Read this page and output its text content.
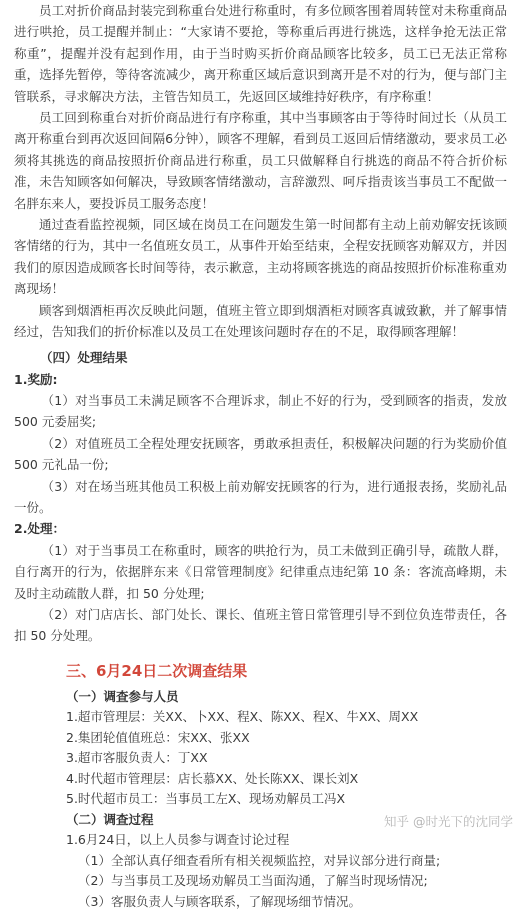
员工对折价商品封装完到称重台处进行称重时，有多位顾客围着周转筐对未称重商品进行哄抢，员工提醒并制止：“大家请不要抢，等称重后再进行挑选，这样争抢无法正常称重”，提醒并没有起到作用，由于当时购买折价商品顾客比较多，员工已无法正常称重，选择先暂停，等待客流减少，离开称重区域后意识到离开是不对的行为，便与部门主管联系，寻求解决方法，主管告知员工，先返回区域维持好秩序，有序称重！

员工回到称重台对折价商品进行有序称重，其中当事顾客由于等待时间过长（从员工离开称重台到再次返回间隔6分钟），顾客不理解，看到员工返回后情绪激动，要求员工必须将其挑选的商品按照折价商品进行称重，员工只做解释自行挑选的商品不符合折价标准，未告知顾客如何解决，导致顾客情绪激动，言辞激烈、呵斥指责该当事员工不配做一名胖东来人，要投诉员工服务态度！

通过查看监控视频，同区域在岗员工在问题发生第一时间都有主动上前劝解安抚该顾客情绪的行为，其中一名值班女员工，从事件开始至结束，全程安抚顾客劝解双方，并因我们的原因造成顾客长时间等待，表示歉意，主动将顾客挑选的商品按照折价标准称重劝离现场！

顾客到烟酒柜再次反映此问题，值班主管立即到烟酒柜对顾客真诚致歉，并了解事情经过，告知我们的折价标准以及员工在处理该问题时存在的不足，取得顾客理解！

（四）处理结果

1.奖励:

（1）对当事员工未满足顾客不合理诉求，制止不好的行为，受到顾客的指责，发放 500 元委屈奖;

（2）对值班员工全程处理安抚顾客，勇敢承担责任，积极解决问题的行为奖励价值 500 元礼品一份;

（3）对在场当班其他员工积极上前劝解安抚顾客的行为，进行通报表扬，奖励礼品一份。

2.处理：

（1）对于当事员工在称重时，顾客的哄抢行为，员工未做到正确引导，疏散人群，自行离开的行为，依据胖东来《日常管理制度》纪律重点违纪第 10 条：客流高峰期，未及时主动疏散人群，扣 50 分处理;

（2）对门店店长、部门处长、课长、值班主管日常管理引导不到位负连带责任，各扣 50 分处理。

三、6月24日二次调查结果

（一）调查参与人员

1.超市管理层：关XX、卜XX、程X、陈XX、程X、牛XX、周XX

2.集团轮值值班总：宋XX、张XX

3.超市客服负责人：丁XX

4.时代超市管理层：店长慕XX、处长陈XX、课长刘X

5.时代超市员工：当事员工左X、现场劝解员工冯X

（二）调查过程

1.6月24日，以上人员参与调查讨论过程

（1）全部认真仔细查看所有相关视频监控，对异议部分进行商量;

（2）与当事员工及现场劝解员工当面沟通，了解当时现场情况;

（3）客服负责人与顾客联系，了解现场细节情况。

知乎 @时光下的沈同学
